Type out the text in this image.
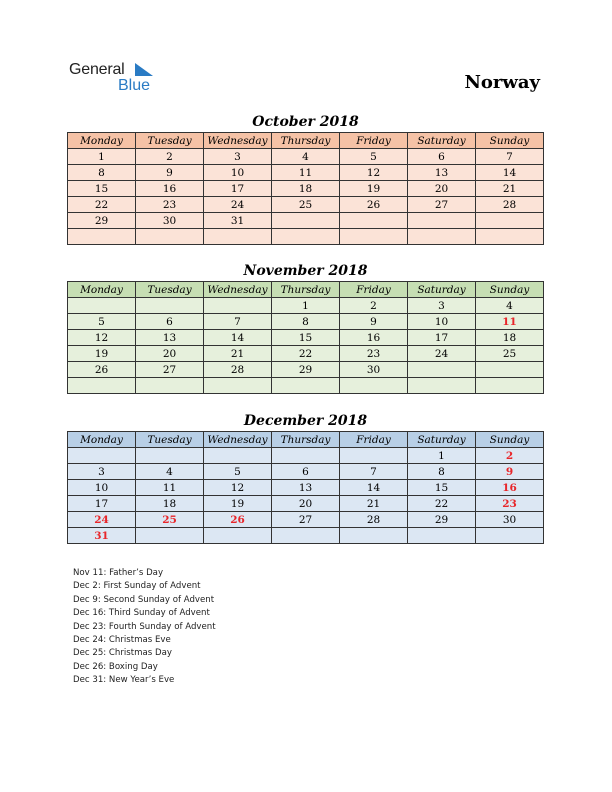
General
Blue	Norway
October 2018
Monday	Tuesday	Wednesday	Thursday	Friday	Saturday	Sunday
1	2	3	4	5	6	7
8	9	10	11	12	13	14
15	16	17	18	19	20	21
22	23	24	25	26	27	28
29	30	31				

November 2018
Monday	Tuesday	Wednesday	Thursday	Friday	Saturday	Sunday
			1	2	3	4
5	6	7	8	9	10	11
12	13	14	15	16	17	18
19	20	21	22	23	24	25
26	27	28	29	30		

December 2018
Monday	Tuesday	Wednesday	Thursday	Friday	Saturday	Sunday
					1	2
3	4	5	6	7	8	9
10	11	12	13	14	15	16
17	18	19	20	21	22	23
24	25	26	27	28	29	30
31						
Nov 11: Father’s Day
Dec 2: First Sunday of Advent
Dec 9: Second Sunday of Advent
Dec 16: Third Sunday of Advent
Dec 23: Fourth Sunday of Advent
Dec 24: Christmas Eve
Dec 25: Christmas Day
Dec 26: Boxing Day
Dec 31: New Year’s Eve
